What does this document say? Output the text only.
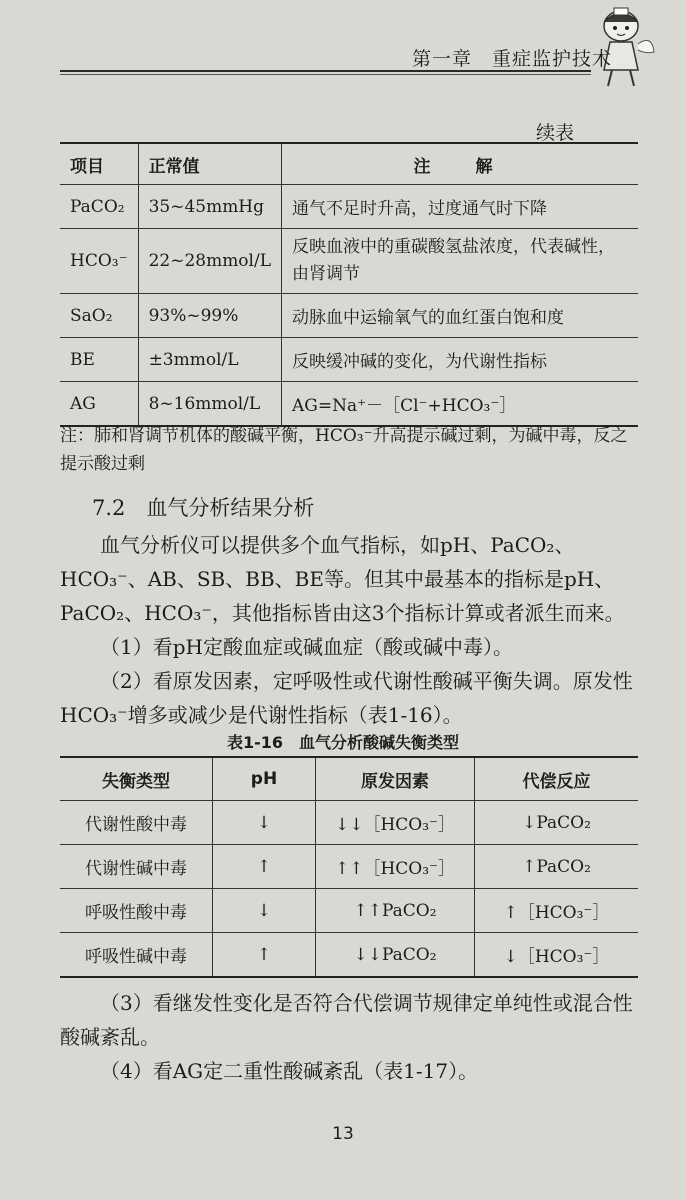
第一章　重症监护技术
续表
项目	正常值	注　解
PaCO₂	35~45mmHg	通气不足时升高，过度通气时下降
HCO₃⁻	22~28mmol/L	反映血液中的重碳酸氢盐浓度，代表碱性，由肾调节
SaO₂	93%~99%	动脉血中运输氧气的血红蛋白饱和度
BE	±3mmol/L	反映缓冲碱的变化，为代谢性指标
AG	8~16mmol/L	AG=Na⁺－［Cl⁻+HCO₃⁻］
注：肺和肾调节机体的酸碱平衡，HCO₃⁻升高提示碱过剩，为碱中毒，反之提示酸过剩
7.2　血气分析结果分析
血气分析仪可以提供多个血气指标，如pH、PaCO₂、HCO₃⁻、AB、SB、BB、BE等。但其中最基本的指标是pH、PaCO₂、HCO₃⁻，其他指标皆由这3个指标计算或者派生而来。
（1）看pH定酸血症或碱血症（酸或碱中毒）。
（2）看原发因素，定呼吸性或代谢性酸碱平衡失调。原发性HCO₃⁻增多或减少是代谢性指标（表1-16）。
表1-16　血气分析酸碱失衡类型
失衡类型	pH	原发因素	代偿反应
代谢性酸中毒	↓	↓↓［HCO₃⁻］	↓PaCO₂
代谢性碱中毒	↑	↑↑［HCO₃⁻］	↑PaCO₂
呼吸性酸中毒	↓	↑↑PaCO₂	↑［HCO₃⁻］
呼吸性碱中毒	↑	↓↓PaCO₂	↓［HCO₃⁻］
（3）看继发性变化是否符合代偿调节规律定单纯性或混合性酸碱紊乱。
（4）看AG定二重性酸碱紊乱（表1-17）。
13
